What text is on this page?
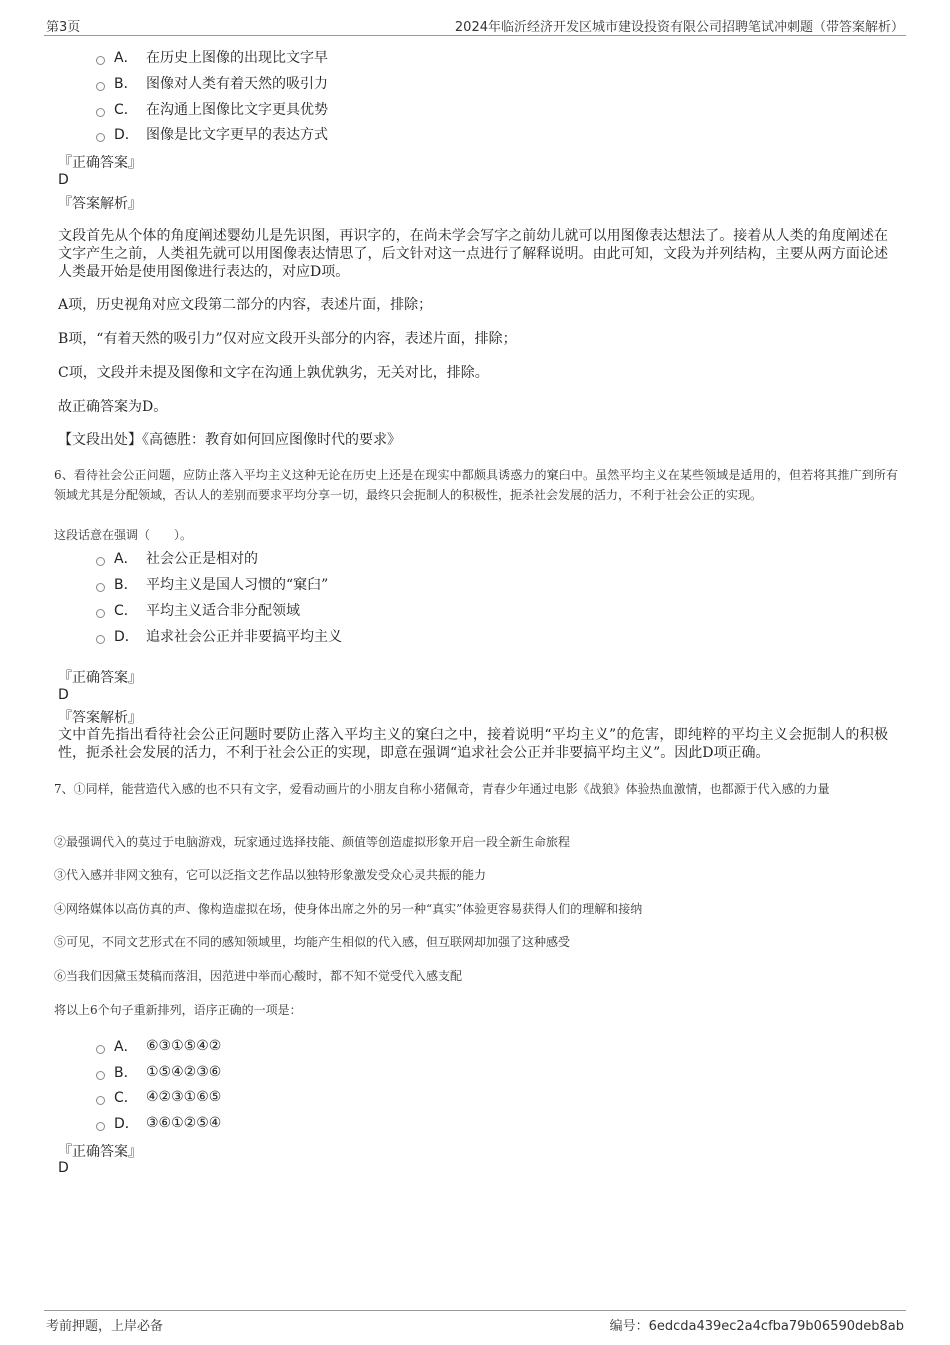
第3页	2024年临沂经济开发区城市建设投资有限公司招聘笔试冲刺题（带答案解析）
A． 在历史上图像的出现比文字早
B． 图像对人类有着天然的吸引力
C． 在沟通上图像比文字更具优势
D． 图像是比文字更早的表达方式
『正确答案』
D
『答案解析』
文段首先从个体的角度阐述婴幼儿是先识图，再识字的，在尚未学会写字之前幼儿就可以用图像表达想法了。接着从人类的角度阐述在文字产生之前，人类祖先就可以用图像表达情思了，后文针对这一点进行了解释说明。由此可知，文段为并列结构，主要从两方面论述人类最开始是使用图像进行表达的，对应D项。
A项，历史视角对应文段第二部分的内容，表述片面，排除；
B项，“有着天然的吸引力”仅对应文段开头部分的内容，表述片面，排除；
C项，文段并未提及图像和文字在沟通上孰优孰劣，无关对比，排除。
故正确答案为D。
【文段出处】《高德胜：教育如何回应图像时代的要求》
6、看待社会公正问题，应防止落入平均主义这种无论在历史上还是在现实中都颇具诱惑力的窠臼中。虽然平均主义在某些领域是适用的，但若将其推广到所有领域尤其是分配领域，否认人的差别而要求平均分享一切，最终只会扼制人的积极性，扼杀社会发展的活力，不利于社会公正的实现。
这段话意在强调（　　）。
A． 社会公正是相对的
B． 平均主义是国人习惯的“窠臼”
C． 平均主义适合非分配领域
D． 追求社会公正并非要搞平均主义
『正确答案』
D
『答案解析』
文中首先指出看待社会公正问题时要防止落入平均主义的窠臼之中，接着说明“平均主义”的危害，即纯粹的平均主义会扼制人的积极性，扼杀社会发展的活力，不利于社会公正的实现，即意在强调“追求社会公正并非要搞平均主义”。因此D项正确。
7、①同样，能营造代入感的也不只有文字，爱看动画片的小朋友自称小猪佩奇，青春少年通过电影《战狼》体验热血激情，也都源于代入感的力量
②最强调代入的莫过于电脑游戏，玩家通过选择技能、颜值等创造虚拟形象开启一段全新生命旅程
③代入感并非网文独有，它可以泛指文艺作品以独特形象激发受众心灵共振的能力
④网络媒体以高仿真的声、像构造虚拟在场，使身体出席之外的另一种“真实”体验更容易获得人们的理解和接纳
⑤可见，不同文艺形式在不同的感知领域里，均能产生相似的代入感，但互联网却加强了这种感受
⑥当我们因黛玉焚稿而落泪，因范进中举而心酸时，都不知不觉受代入感支配
将以上6个句子重新排列，语序正确的一项是：
A． ⑥③①⑤④②
B． ①⑤④②③⑥
C． ④②③①⑥⑤
D． ③⑥①②⑤④
『正确答案』
D
考前押题，上岸必备	编号：6edcda439ec2a4cfba79b06590deb8ab
